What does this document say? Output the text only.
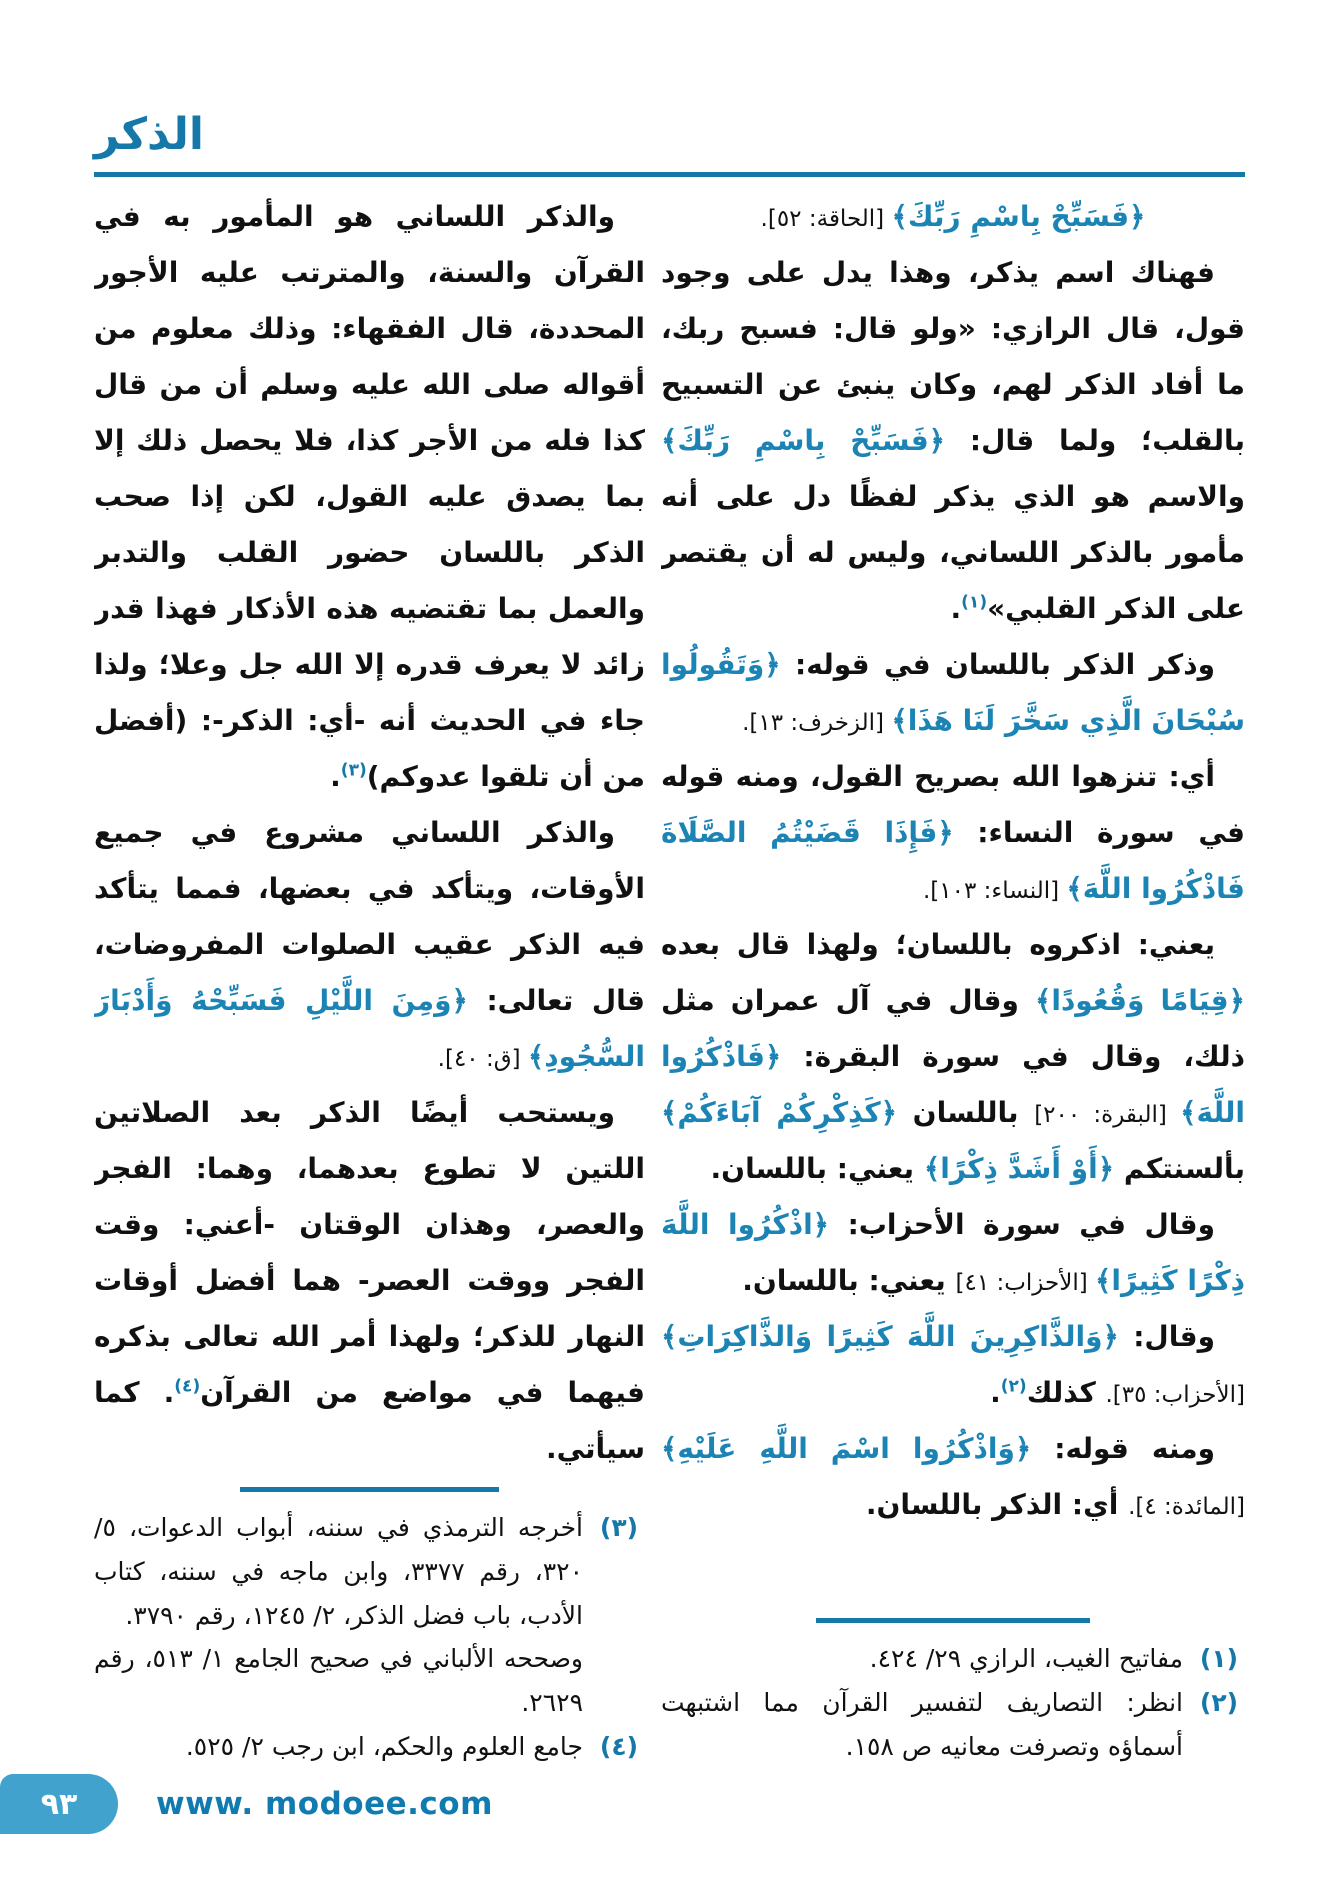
الذكر
﴿فَسَبِّحْ بِاسْمِ رَبِّكَ﴾ [الحاقة: ٥٢].
فهناك اسم يذكر، وهذا يدل على وجود قول، قال الرازي: «ولو قال: فسبح ربك، ما أفاد الذكر لهم، وكان ينبئ عن التسبيح بالقلب؛ ولما قال: ﴿فَسَبِّحْ بِاسْمِ رَبِّكَ﴾ والاسم هو الذي يذكر لفظًا دل على أنه مأمور بالذكر اللساني، وليس له أن يقتصر على الذكر القلبي»$^{(١)}$.
وذكر الذكر باللسان في قوله: ﴿وَتَقُولُوا سُبْحَانَ الَّذِي سَخَّرَ لَنَا هَذَا﴾ [الزخرف: ١٣].
أي: تنزهوا الله بصريح القول، ومنه قوله في سورة النساء: ﴿فَإِذَا قَضَيْتُمُ الصَّلَاةَ فَاذْكُرُوا اللَّهَ﴾ [النساء: ١٠٣].
يعني: اذكروه باللسان؛ ولهذا قال بعده ﴿قِيَامًا وَقُعُودًا﴾ وقال في آل عمران مثل ذلك، وقال في سورة البقرة: ﴿فَاذْكُرُوا اللَّهَ﴾ [البقرة: ٢٠٠] باللسان ﴿كَذِكْرِكُمْ آبَاءَكُمْ﴾ بألسنتكم ﴿أَوْ أَشَدَّ ذِكْرًا﴾ يعني: باللسان.
وقال في سورة الأحزاب: ﴿اذْكُرُوا اللَّهَ ذِكْرًا كَثِيرًا﴾ [الأحزاب: ٤١] يعني: باللسان.
وقال: ﴿وَالذَّاكِرِينَ اللَّهَ كَثِيرًا وَالذَّاكِرَاتِ﴾ [الأحزاب: ٣٥]. كذلك$^{(٢)}$.
ومنه قوله: ﴿وَاذْكُرُوا اسْمَ اللَّهِ عَلَيْهِ﴾ [المائدة: ٤]. أي: الذكر باللسان.
(١)
مفاتيح الغيب، الرازي ٢٩/ ٤٢٤.
(٢)
انظر: التصاريف لتفسير القرآن مما اشتبهت أسماؤه وتصرفت معانيه ص ١٥٨.
والذكر اللساني هو المأمور به في القرآن والسنة، والمترتب عليه الأجور المحددة، قال الفقهاء: وذلك معلوم من أقواله صلى الله عليه وسلم أن من قال كذا فله من الأجر كذا، فلا يحصل ذلك إلا بما يصدق عليه القول، لكن إذا صحب الذكر باللسان حضور القلب والتدبر والعمل بما تقتضيه هذه الأذكار فهذا قدر زائد لا يعرف قدره إلا الله جل وعلا؛ ولذا جاء في الحديث أنه -أي: الذكر-: (أفضل من أن تلقوا عدوكم)$^{(٣)}$.
والذكر اللساني مشروع في جميع الأوقات، ويتأكد في بعضها، فمما يتأكد فيه الذكر عقيب الصلوات المفروضات، قال تعالى: ﴿وَمِنَ اللَّيْلِ فَسَبِّحْهُ وَأَدْبَارَ السُّجُودِ﴾ [ق: ٤٠].
ويستحب أيضًا الذكر بعد الصلاتين اللتين لا تطوع بعدهما، وهما: الفجر والعصر، وهذان الوقتان -أعني: وقت الفجر ووقت العصر- هما أفضل أوقات النهار للذكر؛ ولهذا أمر الله تعالى بذكره فيهما في مواضع من القرآن$^{(٤)}$. كما سيأتي.
(٣)
أخرجه الترمذي في سننه، أبواب الدعوات، ٥/ ٣٢٠، رقم ٣٣٧٧، وابن ماجه في سننه، كتاب الأدب، باب فضل الذكر، ٢/ ١٢٤٥، رقم ٣٧٩٠.
وصححه الألباني في صحيح الجامع ١/ ٥١٣، رقم ٢٦٢٩.
(٤)
جامع العلوم والحكم، ابن رجب ٢/ ٥٢٥.
٩٣	www. modoee.com
